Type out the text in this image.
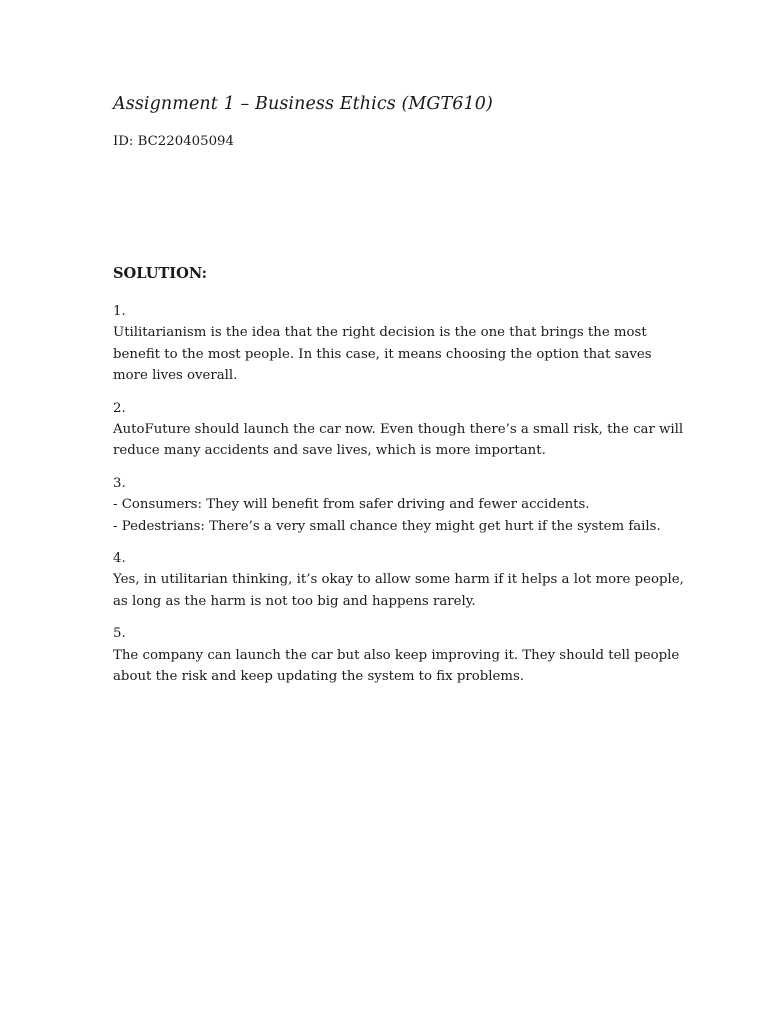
Assignment 1 – Business Ethics (MGT610)
ID: BC220405094
SOLUTION:
1.
Utilitarianism is the idea that the right decision is the one that brings the most
benefit to the most people. In this case, it means choosing the option that saves
more lives overall.
2.
AutoFuture should launch the car now. Even though there’s a small risk, the car will
reduce many accidents and save lives, which is more important.
3.
- Consumers: They will benefit from safer driving and fewer accidents.
- Pedestrians: There’s a very small chance they might get hurt if the system fails.
4.
Yes, in utilitarian thinking, it’s okay to allow some harm if it helps a lot more people,
as long as the harm is not too big and happens rarely.
5.
The company can launch the car but also keep improving it. They should tell people
about the risk and keep updating the system to fix problems.
